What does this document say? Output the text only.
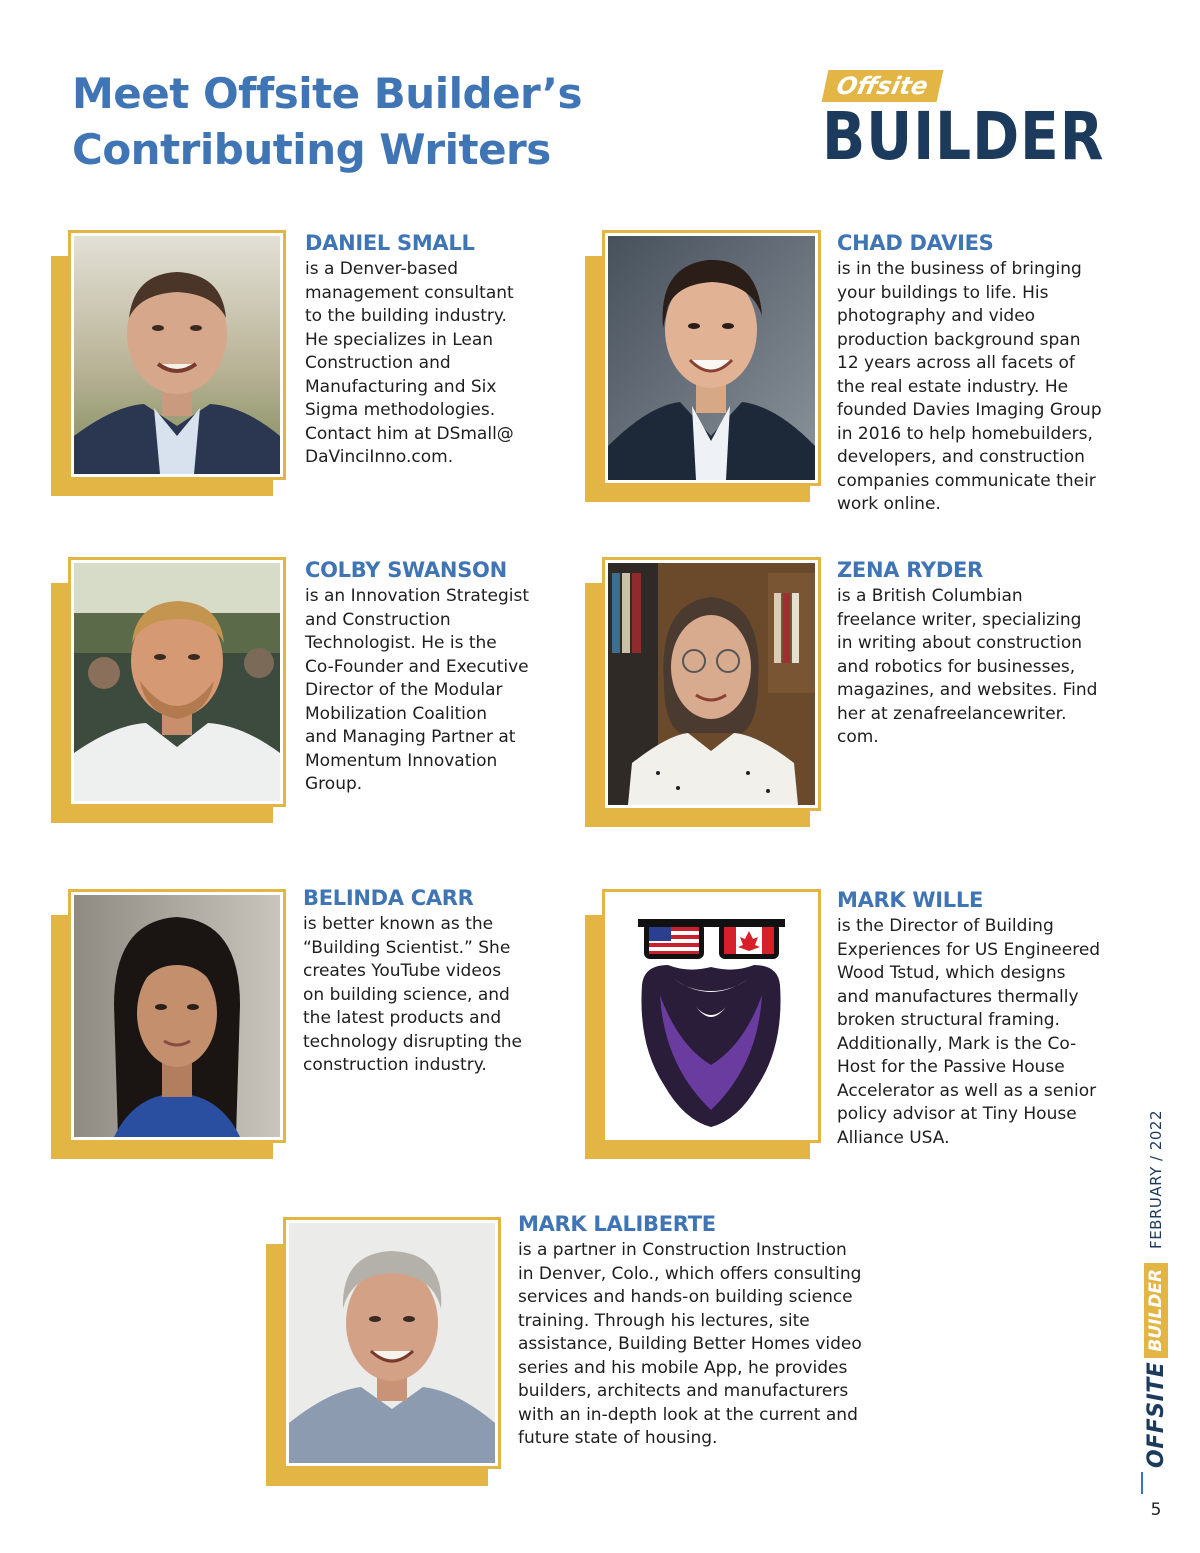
Meet Offsite Builder’s
Contributing Writers
Offsite
BUILDER

DANIEL SMALL

is a Denver-based
management consultant
to the building industry.
He specializes in Lean
Construction and
Manufacturing and Six
Sigma methodologies.
Contact him at DSmall@
DaVinciInno.com.

CHAD DAVIES

is in the business of bringing
your buildings to life. His
photography and video
production background span
12 years across all facets of
the real estate industry. He
founded Davies Imaging Group
in 2016 to help homebuilders,
developers, and construction
companies communicate their
work online.

COLBY SWANSON

is an Innovation Strategist
and Construction
Technologist. He is the
Co-Founder and Executive
Director of the Modular
Mobilization Coalition
and Managing Partner at
Momentum Innovation
Group.

ZENA RYDER

is a British Columbian
freelance writer, specializing
in writing about construction
and robotics for businesses,
magazines, and websites. Find
her at zenafreelancewriter.
com.

BELINDA CARR

is better known as the
“Building Scientist.” She
creates YouTube videos
on building science, and
the latest products and
technology disrupting the
construction industry.

MARK WILLE

is the Director of Building
Experiences for US Engineered
Wood Tstud, which designs
and manufactures thermally
broken structural framing.
Additionally, Mark is the Co-
Host for the Passive House
Accelerator as well as a senior
policy advisor at Tiny House
Alliance USA.

MARK LALIBERTE

is a partner in Construction Instruction
in Denver, Colo., which offers consulting
services and hands-on building science
training. Through his lectures, site
assistance, Building Better Homes video
series and his mobile App, he provides
builders, architects and manufacturers
with an in-depth look at the current and
future state of housing.	OFFSITE
BUILDER
FEBRUARY / 2022
5
